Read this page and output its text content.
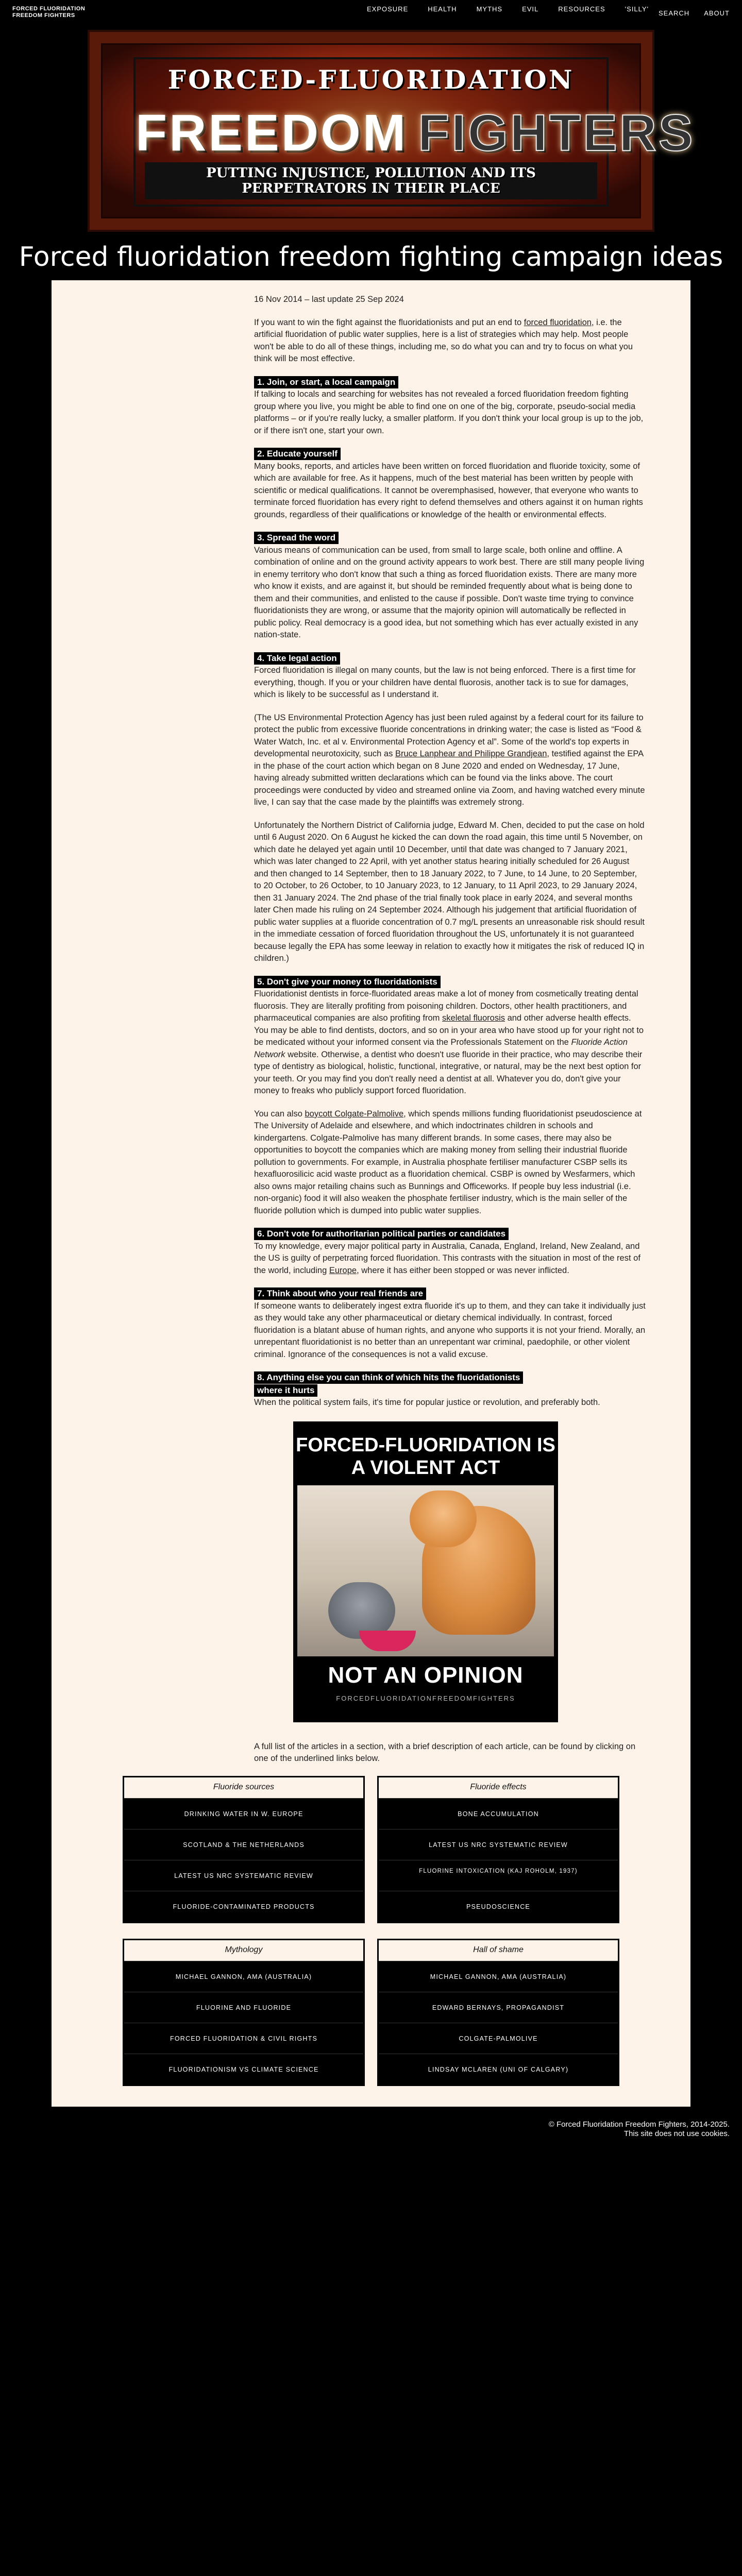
FORCED FLUORIDATION
FREEDOM FIGHTERS
EXPOSURE	HEALTH	MYTHS	EVIL	RESOURCES	'SILLY'
SEARCH ABOUT
FORCED-FLUORIDATION
FREEDOM FIGHTERS
PUTTING INJUSTICE, POLLUTION AND ITS PERPETRATORS IN THEIR PLACE
Forced fluoridation freedom fighting campaign ideas

16 Nov 2014 – last update 25 Sep 2024

If you want to win the fight against the fluoridationists and put an end to forced fluoridation, i.e. the artificial fluoridation of public water supplies, here is a list of strategies which may help. Most people won't be able to do all of these things, including me, so do what you can and try to focus on what you think will be most effective.

1. Join, or start, a local campaign

If talking to locals and searching for websites has not revealed a forced fluoridation freedom fighting group where you live, you might be able to find one on one of the big, corporate, pseudo-social media platforms – or if you're really lucky, a smaller platform. If you don't think your local group is up to the job, or if there isn't one, start your own.

2. Educate yourself

Many books, reports, and articles have been written on forced fluoridation and fluoride toxicity, some of which are available for free. As it happens, much of the best material has been written by people with scientific or medical qualifications. It cannot be overemphasised, however, that everyone who wants to terminate forced fluoridation has every right to defend themselves and others against it on human rights grounds, regardless of their qualifications or knowledge of the health or environmental effects.

3. Spread the word

Various means of communication can be used, from small to large scale, both online and offline. A combination of online and on the ground activity appears to work best. There are still many people living in enemy territory who don't know that such a thing as forced fluoridation exists. There are many more who know it exists, and are against it, but should be reminded frequently about what is being done to them and their communities, and enlisted to the cause if possible. Don't waste time trying to convince fluoridationists they are wrong, or assume that the majority opinion will automatically be reflected in public policy. Real democracy is a good idea, but not something which has ever actually existed in any nation-state.

4. Take legal action

Forced fluoridation is illegal on many counts, but the law is not being enforced. There is a first time for everything, though. If you or your children have dental fluorosis, another tack is to sue for damages, which is likely to be successful as I understand it.

(The US Environmental Protection Agency has just been ruled against by a federal court for its failure to protect the public from excessive fluoride concentrations in drinking water; the case is listed as “Food & Water Watch, Inc. et al v. Environmental Protection Agency et al”. Some of the world's top experts in developmental neurotoxicity, such as Bruce Lanphear and Philippe Grandjean, testified against the EPA in the phase of the court action which began on 8 June 2020 and ended on Wednesday, 17 June, having already submitted written declarations which can be found via the links above. The court proceedings were conducted by video and streamed online via Zoom, and having watched every minute live, I can say that the case made by the plaintiffs was extremely strong.

Unfortunately the Northern District of California judge, Edward M. Chen, decided to put the case on hold until 6 August 2020. On 6 August he kicked the can down the road again, this time until 5 November, on which date he delayed yet again until 10 December, until that date was changed to 7 January 2021, which was later changed to 22 April, with yet another status hearing initially scheduled for 26 August and then changed to 14 September, then to 18 January 2022, to 7 June, to 14 June, to 20 September, to 20 October, to 26 October, to 10 January 2023, to 12 January, to 11 April 2023, to 29 January 2024, then 31 January 2024. The 2nd phase of the trial finally took place in early 2024, and several months later Chen made his ruling on 24 September 2024. Although his judgement that artificial fluoridation of public water supplies at a fluoride concentration of 0.7 mg/L presents an unreasonable risk should result in the immediate cessation of forced fluoridation throughout the US, unfortunately it is not guaranteed because legally the EPA has some leeway in relation to exactly how it mitigates the risk of reduced IQ in children.)

5. Don't give your money to fluoridationists

Fluoridationist dentists in force-fluoridated areas make a lot of money from cosmetically treating dental fluorosis. They are literally profiting from poisoning children. Doctors, other health practitioners, and pharmaceutical companies are also profiting from skeletal fluorosis and other adverse health effects. You may be able to find dentists, doctors, and so on in your area who have stood up for your right not to be medicated without your informed consent via the Professionals Statement on the Fluoride Action Network website. Otherwise, a dentist who doesn't use fluoride in their practice, who may describe their type of dentistry as biological, holistic, functional, integrative, or natural, may be the next best option for your teeth. Or you may find you don't really need a dentist at all. Whatever you do, don't give your money to freaks who publicly support forced fluoridation.

You can also boycott Colgate-Palmolive, which spends millions funding fluoridationist pseudoscience at The University of Adelaide and elsewhere, and which indoctrinates children in schools and kindergartens. Colgate-Palmolive has many different brands. In some cases, there may also be opportunities to boycott the companies which are making money from selling their industrial fluoride pollution to governments. For example, in Australia phosphate fertiliser manufacturer CSBP sells its hexafluorosilicic acid waste product as a fluoridation chemical. CSBP is owned by Wesfarmers, which also owns major retailing chains such as Bunnings and Officeworks. If people buy less industrial (i.e. non-organic) food it will also weaken the phosphate fertiliser industry, which is the main seller of the fluoride pollution which is dumped into public water supplies.

6. Don't vote for authoritarian political parties or candidates

To my knowledge, every major political party in Australia, Canada, England, Ireland, New Zealand, and the US is guilty of perpetrating forced fluoridation. This contrasts with the situation in most of the rest of the world, including Europe, where it has either been stopped or was never inflicted.

7. Think about who your real friends are

If someone wants to deliberately ingest extra fluoride it's up to them, and they can take it individually just as they would take any other pharmaceutical or dietary chemical individually. In contrast, forced fluoridation is a blatant abuse of human rights, and anyone who supports it is not your friend. Morally, an unrepentant fluoridationist is no better than an unrepentant war criminal, paedophile, or other violent criminal. Ignorance of the consequences is not a valid excuse.

8. Anything else you can think of which hits the fluoridationists
where it hurts

When the political system fails, it's time for popular justice or revolution, and preferably both.

FORCED-FLUORIDATION IS A VIOLENT ACT
NOT AN OPINION
FORCEDFLUORIDATIONFREEDOMFIGHTERS

A full list of the articles in a section, with a brief description of each article, can be found by clicking on one of the underlined links below.

Fluoride sources
DRINKING WATER IN W. EUROPE
SCOTLAND & THE NETHERLANDS
LATEST US NRC SYSTEMATIC REVIEW
FLUORIDE-CONTAMINATED PRODUCTS
Fluoride effects
BONE ACCUMULATION
LATEST US NRC SYSTEMATIC REVIEW
FLUORINE INTOXICATION (KAJ ROHOLM, 1937)
PSEUDOSCIENCE
Mythology
MICHAEL GANNON, AMA (AUSTRALIA)
FLUORINE AND FLUORIDE
FORCED FLUORIDATION & CIVIL RIGHTS
FLUORIDATIONISM VS CLIMATE SCIENCE
Hall of shame
MICHAEL GANNON, AMA (AUSTRALIA)
EDWARD BERNAYS, PROPAGANDIST
COLGATE-PALMOLIVE
LINDSAY MCLAREN (UNI OF CALGARY)
© Forced Fluoridation Freedom Fighters, 2014-2025.
This site does not use cookies.
